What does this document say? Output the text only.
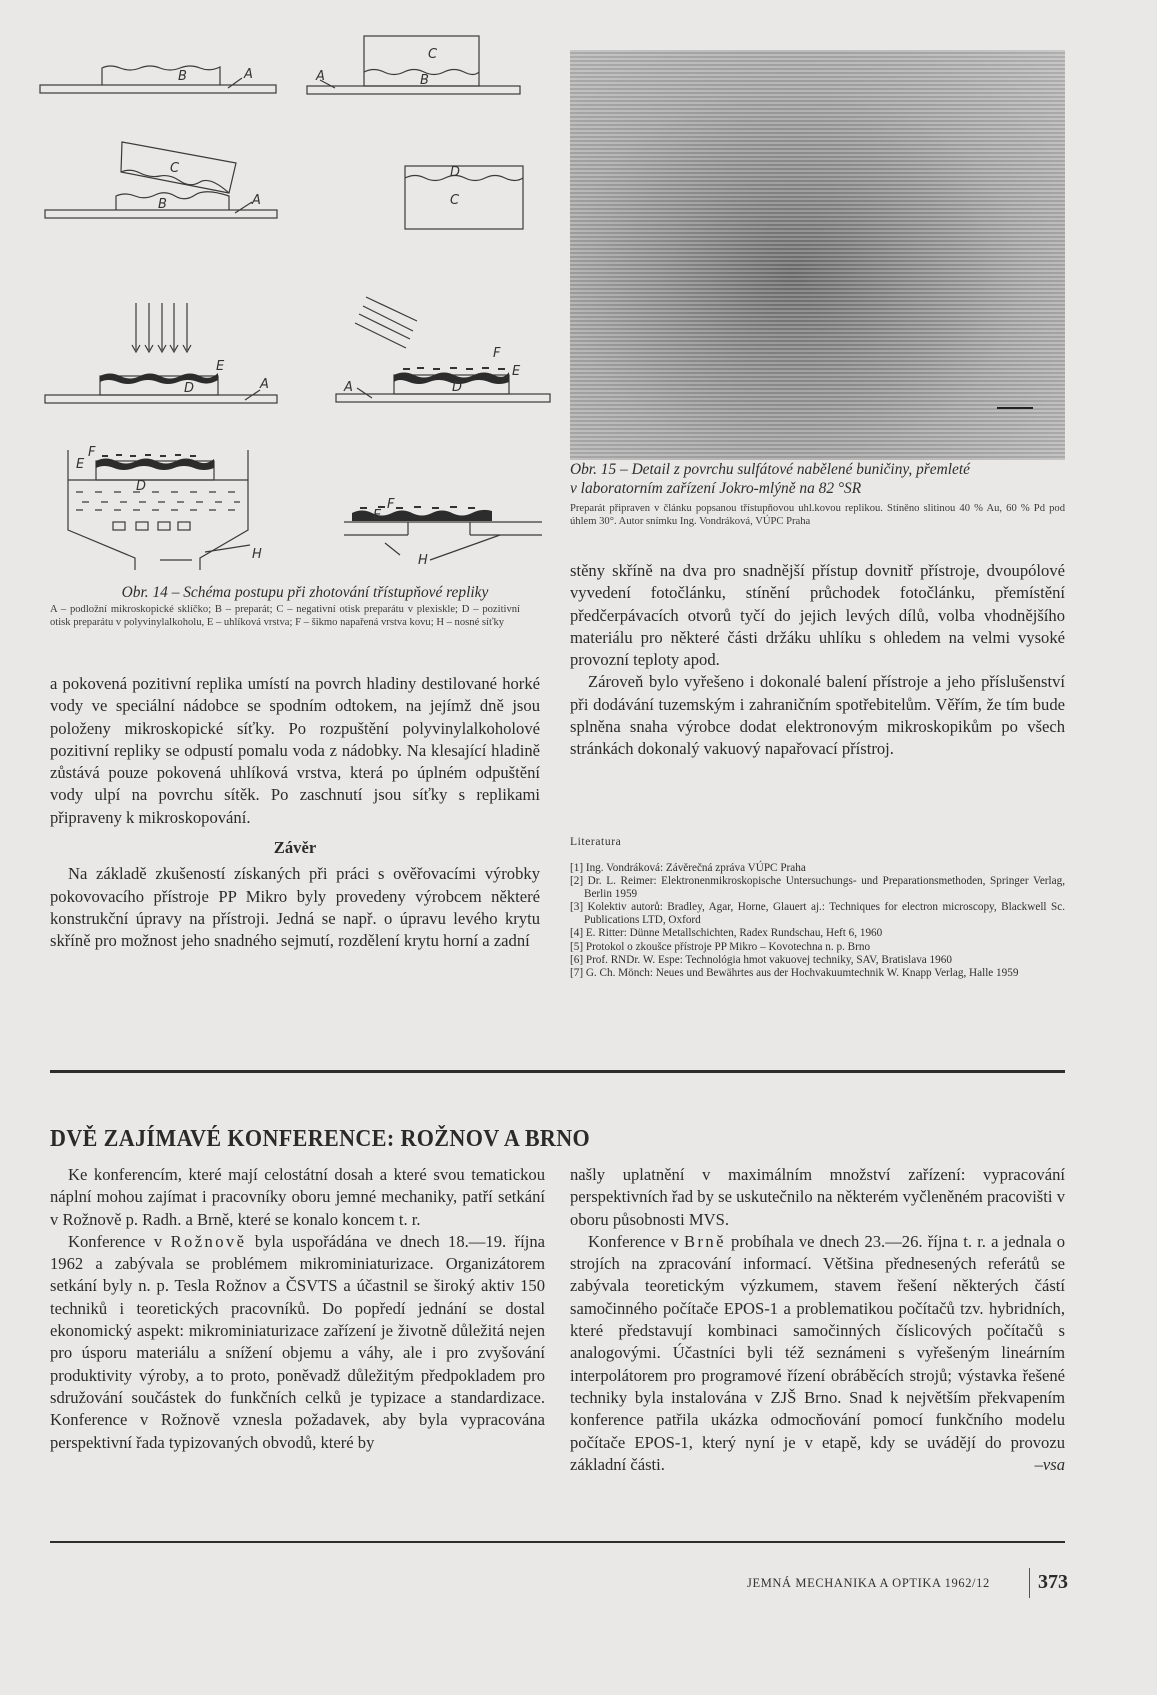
B	A
C
B
A
C
B	A
D
C
E
D	A
F
E
D
A
F
E
D
H
F
E
H
Obr. 14 – Schéma postupu při zhotování třístupňové repliky
A – podložní mikroskopické sklíčko; B – preparát; C – negativní otisk preparátu v plexiskle; D – pozitivní otisk preparátu v polyvinylalkoholu, E – uhlíková vrstva; F – šikmo napařená vrstva kovu; H – nosné síťky
Obr. 15 – Detail z povrchu sulfátové nabělené buničiny, přemleté
v laboratorním zařízení Jokro-mlýně na 82 °SR
Preparát připraven v článku popsanou třístupňovou uhl.kovou replikou. Stíněno slitinou 40 % Au, 60 % Pd pod úhlem 30°. Autor snímku Ing. Vondráková, VÚPC Praha

a pokovená pozitivní replika umístí na povrch hladiny destilované horké vody ve speciální nádobce se spodním odtokem, na jejímž dně jsou položeny mikroskopické síťky. Po rozpuštění polyvinylalkoholové pozitivní repliky se odpustí pomalu voda z nádobky. Na klesající hladině zůstává pouze pokovená uhlíková vrstva, která po úplném odpuštění vody ulpí na povrchu sítěk. Po zaschnutí jsou síťky s replikami připraveny k mikroskopování.

Závěr

Na základě zkušeností získaných při práci s ověřovacími výrobky pokovovacího přístroje PP Mikro byly provedeny výrobcem některé konstrukční úpravy na přístroji. Jedná se např. o úpravu levého krytu skříně pro možnost jeho snadného sejmutí, rozdělení krytu horní a zadní

stěny skříně na dva pro snadnější přístup dovnitř přístroje, dvoupólové vyvedení fotočlánku, stínění průchodek fotočlánku, přemístění předčerpávacích otvorů tyčí do jejich levých dílů, volba vhodnějšího materiálu pro některé části držáku uhlíku s ohledem na velmi vysoké provozní teploty apod.

Zároveň bylo vyřešeno i dokonalé balení přístroje a jeho příslušenství při dodávání tuzemským i zahraničním spotřebitelům. Věřím, že tím bude splněna snaha výrobce dodat elektronovým mikroskopikům po všech stránkách dokonalý vakuový napařovací přístroj.

Literatura
[1] Ing. Vondráková: Závěrečná zpráva VÚPC Praha
[2] Dr. L. Reimer: Elektronenmikroskopische Untersuchungs- und Preparationsmethoden, Springer Verlag, Berlin 1959
[3] Kolektiv autorů: Bradley, Agar, Horne, Glauert aj.: Techniques for electron microscopy, Blackwell Sc. Publications LTD, Oxford
[4] E. Ritter: Dünne Metallschichten, Radex Rundschau, Heft 6, 1960
[5] Protokol o zkoušce přístroje PP Mikro – Kovotechna n. p. Brno
[6] Prof. RNDr. W. Espe: Technológia hmot vakuovej techniky, SAV, Bratislava 1960
[7] G. Ch. Mönch: Neues und Bewährtes aus der Hochvakuumtechnik W. Knapp Verlag, Halle 1959
DVĚ ZAJÍMAVÉ KONFERENCE: ROŽNOV A BRNO

Ke konferencím, které mají celostátní dosah a které svou tematickou náplní mohou zajímat i pracovníky oboru jemné mechaniky, patří setkání v Rožnově p. Radh. a Brně, které se konalo koncem t. r.

Konference v Rožnově byla uspořádána ve dnech 18.—19. října 1962 a zabývala se problémem mikrominiaturizace. Organizátorem setkání byly n. p. Tesla Rožnov a ČSVTS a účastnil se široký aktiv 150 techniků i teoretických pracovníků. Do popředí jednání se dostal ekonomický aspekt: mikrominiaturizace zařízení je životně důležitá nejen pro úsporu materiálu a snížení objemu a váhy, ale i pro zvyšování produktivity výroby, a to proto, poněvadž důležitým předpokladem pro sdružování součástek do funkčních celků je typizace a standardizace. Konference v Rožnově vznesla požadavek, aby byla vypracována perspektivní řada typizovaných obvodů, které by

našly uplatnění v maximálním množství zařízení: vypracování perspektivních řad by se uskutečnilo na některém vyčleněném pracovišti v oboru působnosti MVS.

Konference v Brně probíhala ve dnech 23.—26. října t. r. a jednala o strojích na zpracování informací. Většina přednesených referátů se zabývala teoretickým výzkumem, stavem řešení některých částí samočinného počítače EPOS-1 a problematikou počítačů tzv. hybridních, které představují kombinaci samočinných číslicových počítačů s analogovými. Účastníci byli též seznámeni s vyřešeným lineárním interpolátorem pro programové řízení obráběcích strojů; výstavka řešené techniky byla instalována v ZJŠ Brno. Snad k největším překvapením konference patřila ukázka odmocňování pomocí funkčního modelu počítače EPOS-1, který nyní je v etapě, kdy se uvádějí do provozu základní části.	–vsa

JEMNÁ MECHANIKA A OPTIKA 1962/12 373
